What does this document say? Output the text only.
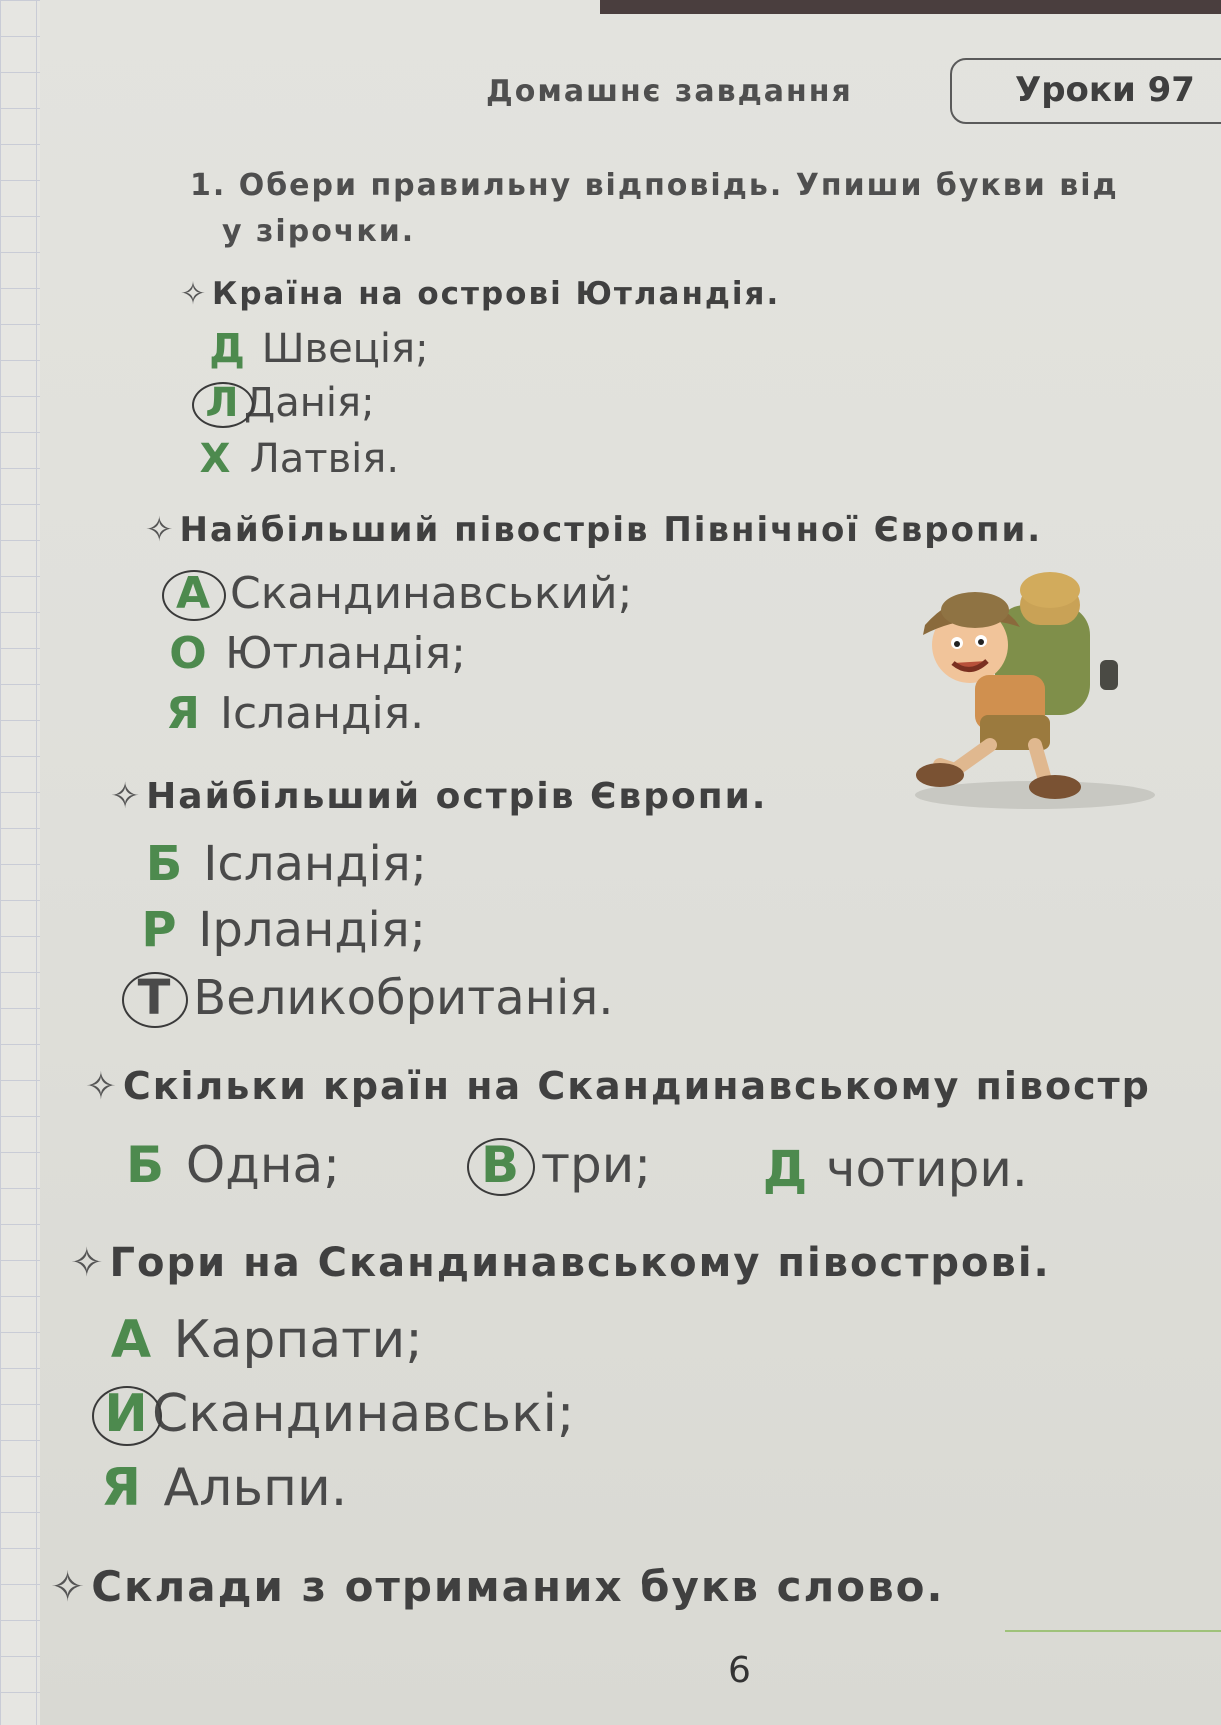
Домашнє завдання	Уроки 97
1. Обери правильну відповідь. Упиши букви від
у зірочки.
✧ Країна на острові Ютландія.
Д Швеція;
Л Данія;
Х Латвія.
✧ Найбільший півострів Північної Європи.
А Скандинавський;
О Ютландія;
Я Ісландія.
✧ Найбільший острів Європи.
Б Ісландія;
Р Ірландія;
Т Великобританія.
✧ Скільки країн на Скандинавському півостр
Б Одна;	В три; Д чотири.
✧ Гори на Скандинавському півострові.
А Карпати;
ИСкандинавські;
Я Альпи.
✧Склади з отриманих букв слово.
6
